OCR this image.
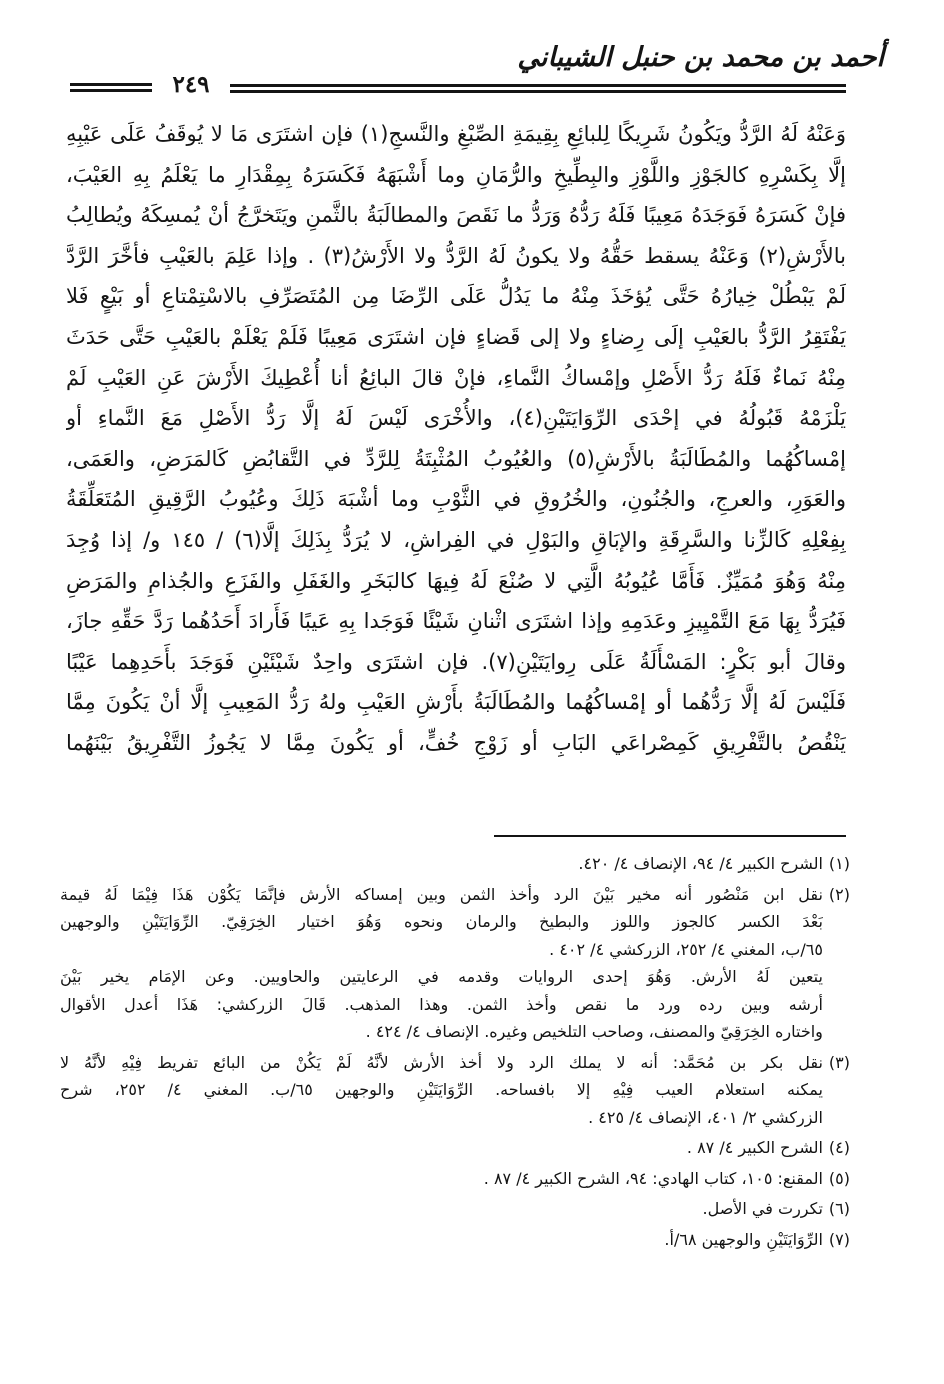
أحمد بن محمد بن حنبل الشيباني
٢٤٩
وَعَنْهُ لَهُ الرَّدُّ ويَكُونُ شَرِيكًا لِلبائِعِ بِقِيمَةِ الصِّبْغِ والنَّسجِ(١) فإن اشتَرَى مَا لا يُوقَفُ عَلَى عَيْبِهِ
إلَّا بِكَسْرِهِ كالجَوْزِ واللَّوْزِ والبِطِّيخِ والرُّمَانِ وما أَشْبَهَهُ فَكَسَرَهُ بِمِقْدَارِ ما يَعْلَمُ بِهِ العَيْبَ،
فإنْ كَسَرَهُ فَوَجَدَهُ مَعِيبًا فَلَهُ رَدُّهُ وَرَدُّ ما نَقَصَ والمطالَبَةُ بالثَّمنِ ويَتَخرَّجُ أنْ يُمسِكَهُ ويُطالِبُ
بالأَرْشِ(٢) وَعَنْهُ يسقط حَقُّهُ ولا يكونُ لَهُ الرَّدُّ ولا الأَرْشُ(٣) . وإذا عَلِمَ بالعَيْبِ فأخَّرَ الرَّدَّ
لَمْ يَبْطُلْ خِيارُهُ حَتَّى يُؤخَذَ مِنْهُ ما يَدُلُّ عَلَى الرِّضَا مِن المُتَصَرِّفِ بالاسْتِمْتاعِ أو بَيْعٍ فَلا
يَفْتَقِرُ الرَّدُّ بالعَيْبِ إلَى رِضاءٍ ولا إلى قَضاءٍ فإن اشتَرَى مَعِيبًا فَلَمْ يَعْلَمْ بالعَيْبِ حَتَّى حَدَثَ
مِنْهُ نَماءٌ فَلَهُ رَدُّ الأَصْلِ وإمْساكُ النَّماءِ، فإنْ قالَ البائِعُ أنا أُعْطِيكَ الأَرْشَ عَنِ العَيْبِ لَمْ
يَلْزَمْهُ قَبُولُهُ في إحْدَى الرِّوَايَتَيْنِ(٤)، والأُخْرَى لَيْسَ لَهُ إلَّا رَدُّ الأَصْلِ مَعَ النَّماءِ أو
إمْساكُهُما والمُطَالَبَةُ بالأَرْشِ(٥) والعُيُوبُ المُثْبِتَةُ لِلرَّدِّ في التَّقابُضِ كَالمَرَضِ، والعَمَى،
والعَوَرِ، والعرجِ، والجُنُونِ، والخُرُوقِ في الثَّوْبِ وما أشْبَهَ ذَلِكَ وعُيُوبُ الرَّقِيقِ المُتَعَلِّقَةُ
بِفِعْلِهِ كَالزِّنا والسَّرِقَةِ والإبَاقِ والبَوْلِ في الفِراشِ، لا يُرَدُّ بِذَلِكَ إلَّا(٦) / ١٤٥ و/ إذا وُجِدَ
مِنْهُ وَهُوَ مُمَيِّزٌ. فَأَمَّا عُيُوبُهُ الَّتِي لا صُنْعَ لَهُ فِيهَا كالبَخَرِ والغَفَلِ والفَزَعِ والجُذامِ والمَرَضِ
فَيُرَدُّ بِهَا مَعَ التَّمْيِيزِ وعَدَمِهِ وإذا اشتَرَى اثْنانِ شَيْئًا فَوَجَدا بِهِ عَيبًا فَأَرادَ أَحَدُهُما رَدَّ حَقِّهِ جازَ،
وقالَ أبو بَكْرٍ: المَسْأَلَةُ عَلَى رِوايَتَيْنِ(٧). فإن اشتَرَى واحِدٌ شَيْئَيْنِ فَوَجَدَ بأَحَدِهِما عَيْبًا
فَلَيْسَ لَهُ إلَّا رَدُّهُما أو إمْساكُهُما والمُطَالَبَةُ بأَرْشِ العَيْبِ ولهُ رَدُّ المَعِيبِ إلَّا أنْ يَكُونَ مِمَّا
يَنْقُصُ بالتَّفْرِيقِ كَمِصْراعَي البَابِ أو زَوْجِ خُفٍّ، أو يَكُونَ مِمَّا لا يَجُوزُ التَّفْرِيقُ بَيْنَهُما
(١)
الشرح الكبير ٤/ ٩٤، الإنصاف ٤/ ٤٢٠.
(٢)
نقل ابن مَنْصُور أنه مخير بَيْنَ الرد وأخذ الثمن وبين إمساكه الأرش فإنَّمَا يَكُوْن هَذَا فِيْمَا لَهُ قيمة
بَعْدَ الكسر كالجوز واللوز والبطيخ والرمان ونحوه وَهُوَ اختيار الخِرَقِيّ. الرِّوَايَتَيْنِ والوجهين
٦٥/ب، المغني ٤/ ٢٥٢، الزركشي ٤/ ٤٠٢ .
يتعين لَهُ الأرش. وَهُوَ إحدى الروايات وقدمه في الرعايتين والحاويين. وعن الإمَام يخير بَيْنَ
أرشه وبين رده ورد ما نقص وأخذ الثمن. وهذا المذهب. قَالَ الزركشي: هَذَا أعدل الأقوال
واختاره الخِرَقِيّ والمصنف، وصاحب التلخيص وغيره. الإنصاف ٤/ ٤٢٤ .
(٣)
نقل بكر بن مُحَمَّد: أنه لا يملك الرد ولا أخذ الأرش لأنَّهُ لَمْ يَكُنْ من البائع تفريط فِيْهِ لأنَّهُ لا
يمكنه استعلام العيب فِيْهِ إلا بافساحه. الرِّوَايَتَيْنِ والوجهين ٦٥/ب. المغني ٤/ ٢٥٢، شرح
الزركشي ٢/ ٤٠١، الإنصاف ٤/ ٤٢٥ .
(٤)
الشرح الكبير ٤/ ٨٧ .
(٥)
المقنع: ١٠٥، كتاب الهادي: ٩٤، الشرح الكبير ٤/ ٨٧ .
(٦)
تكررت في الأصل.
(٧)
الرِّوَايَتَيْنِ والوجهين ٦٨/أ.
